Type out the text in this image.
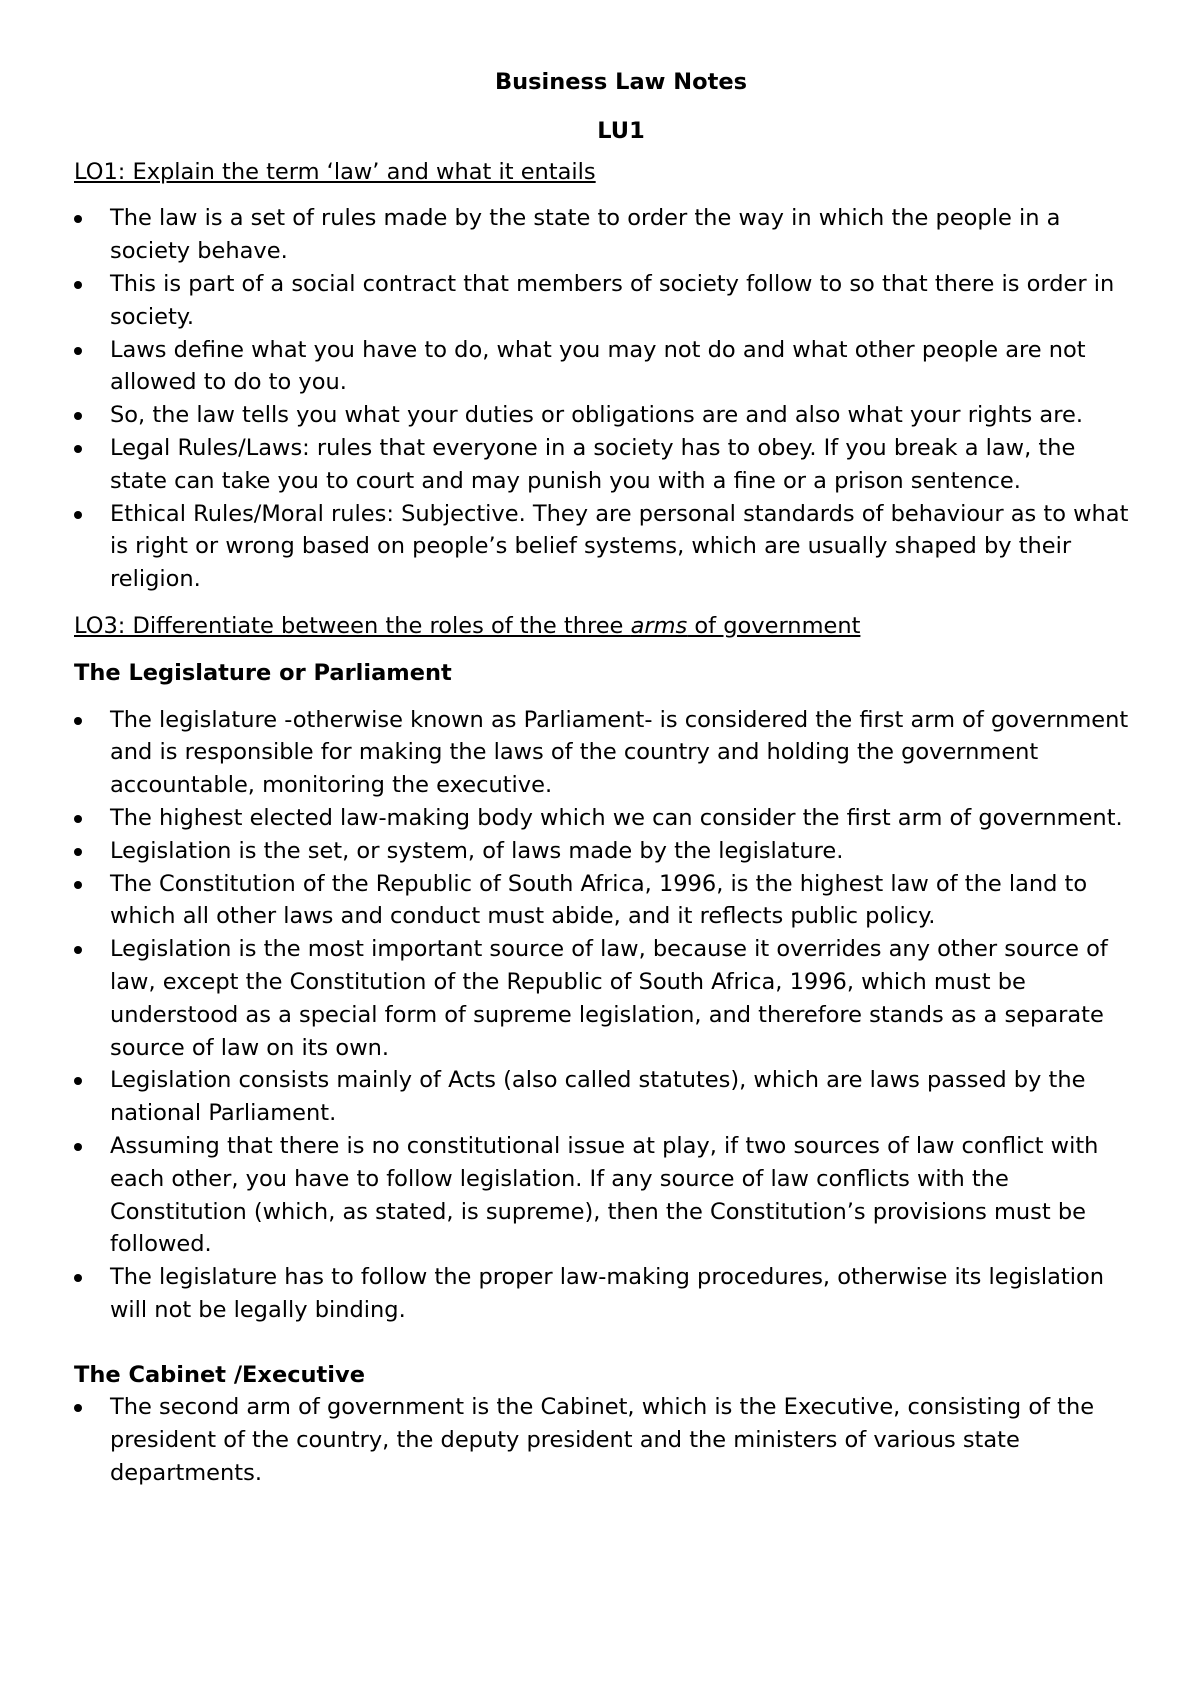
Business Law Notes

LU1

LO1: Explain the term ‘law’ and what it entails

The law is a set of rules made by the state to order the way in which the people in a society behave.
This is part of a social contract that members of society follow to so that there is order in society.
Laws define what you have to do, what you may not do and what other people are not allowed to do to you.
So, the law tells you what your duties or obligations are and also what your rights are.
Legal Rules/Laws: rules that everyone in a society has to obey. If you break a law, the state can take you to court and may punish you with a fine or a prison sentence.
Ethical Rules/Moral rules: Subjective. They are personal standards of behaviour as to what is right or wrong based on people’s belief systems, which are usually shaped by their religion.

LO3: Differentiate between the roles of the three arms of government

The Legislature or Parliament

The legislature -otherwise known as Parliament- is considered the first arm of government and is responsible for making the laws of the country and holding the government accountable, monitoring the executive.
The highest elected law-making body which we can consider the first arm of government.
Legislation is the set, or system, of laws made by the legislature.
The Constitution of the Republic of South Africa, 1996, is the highest law of the land to which all other laws and conduct must abide, and it reflects public policy.
Legislation is the most important source of law, because it overrides any other source of law, except the Constitution of the Republic of South Africa, 1996, which must be understood as a special form of supreme legislation, and therefore stands as a separate source of law on its own.
Legislation consists mainly of Acts (also called statutes), which are laws passed by the national Parliament.
Assuming that there is no constitutional issue at play, if two sources of law conflict with each other, you have to follow legislation. If any source of law conflicts with the Constitution (which, as stated, is supreme), then the Constitution’s provisions must be followed.
The legislature has to follow the proper law-making procedures, otherwise its legislation will not be legally binding.

The Cabinet /Executive

The second arm of government is the Cabinet, which is the Executive, consisting of the president of the country, the deputy president and the ministers of various state departments.
